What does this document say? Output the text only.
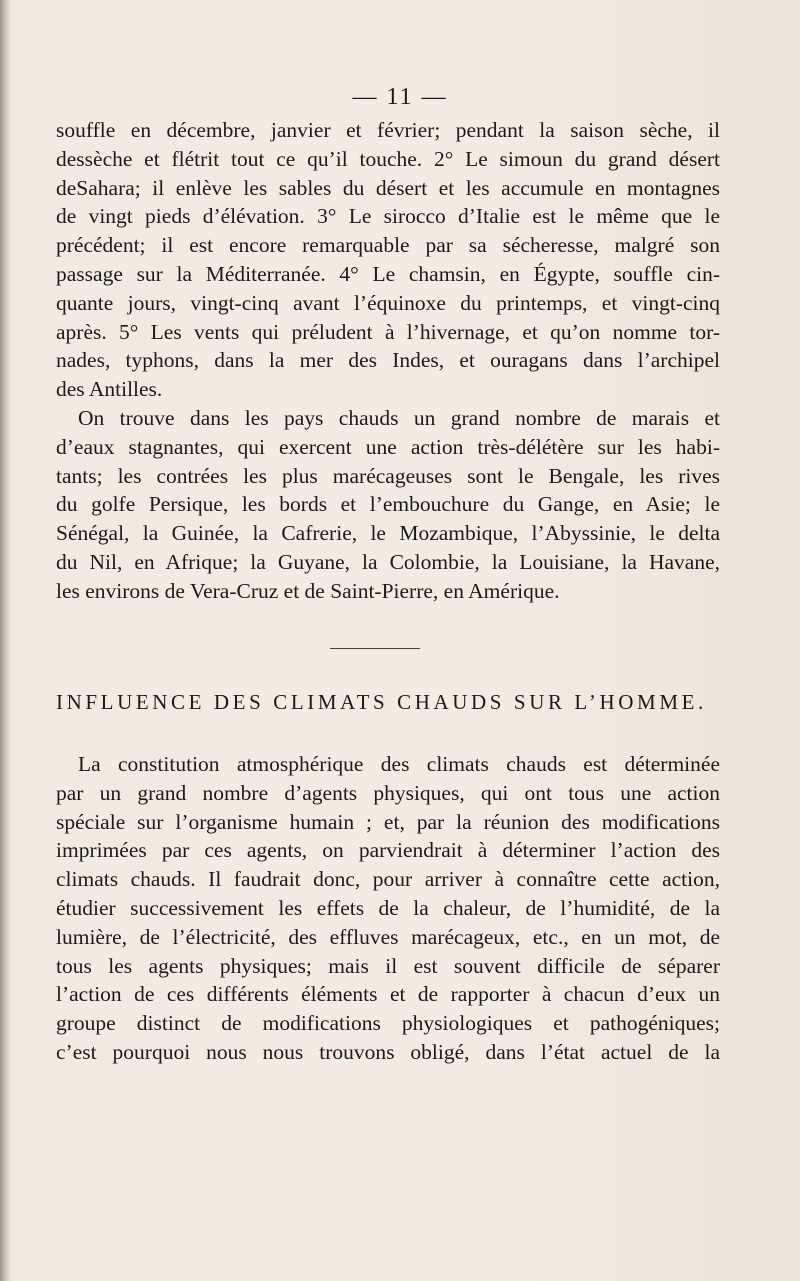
— 11 —
souffle en décembre, janvier et février; pendant la saison sèche, il
dessèche et flétrit tout ce qu’il touche. 2° Le simoun du grand désert
deSahara; il enlève les sables du désert et les accumule en montagnes
de vingt pieds d’élévation. 3° Le sirocco d’Italie est le même que le
précédent; il est encore remarquable par sa sécheresse, malgré son
passage sur la Méditerranée. 4° Le chamsin, en Égypte, souffle cin-
quante jours, vingt-cinq avant l’équinoxe du printemps, et vingt-cinq
après. 5° Les vents qui préludent à l’hivernage, et qu’on nomme tor-
nades, typhons, dans la mer des Indes, et ouragans dans l’archipel
des Antilles.
On trouve dans les pays chauds un grand nombre de marais et
d’eaux stagnantes, qui exercent une action très-délétère sur les habi-
tants; les contrées les plus marécageuses sont le Bengale, les rives
du golfe Persique, les bords et l’embouchure du Gange, en Asie; le
Sénégal, la Guinée, la Cafrerie, le Mozambique, l’Abyssinie, le delta
du Nil, en Afrique; la Guyane, la Colombie, la Louisiane, la Havane,
les environs de Vera-Cruz et de Saint-Pierre, en Amérique.
INFLUENCE DES CLIMATS CHAUDS SUR L’HOMME.
La constitution atmosphérique des climats chauds est déterminée
par un grand nombre d’agents physiques, qui ont tous une action
spéciale sur l’organisme humain ; et, par la réunion des modifications
imprimées par ces agents, on parviendrait à déterminer l’action des
climats chauds. Il faudrait donc, pour arriver à connaître cette action,
étudier successivement les effets de la chaleur, de l’humidité, de la
lumière, de l’électricité, des effluves marécageux, etc., en un mot, de
tous les agents physiques; mais il est souvent difficile de séparer
l’action de ces différents éléments et de rapporter à chacun d’eux un
groupe distinct de modifications physiologiques et pathogéniques;
c’est pourquoi nous nous trouvons obligé, dans l’état actuel de la
